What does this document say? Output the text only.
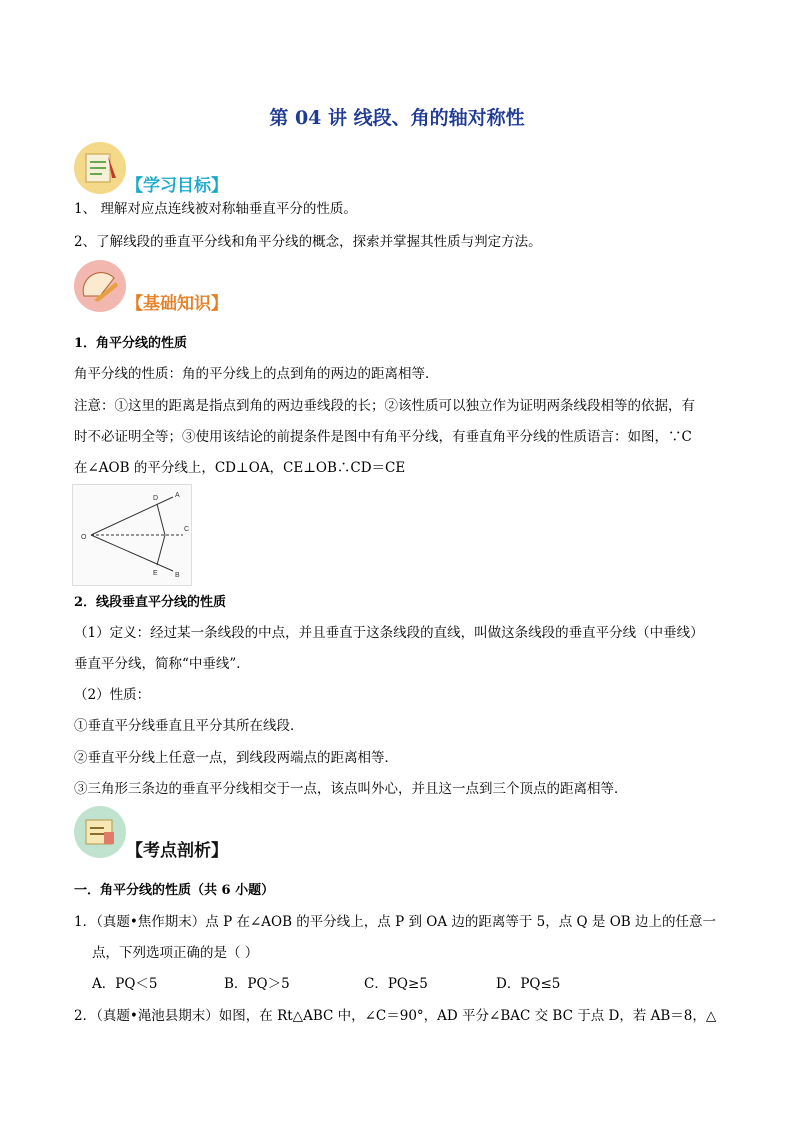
第 04 讲 线段、角的轴对称性
【学习目标】
1、 理解对应点连线被对称轴垂直平分的性质。
2、了解线段的垂直平分线和角平分线的概念，探索并掌握其性质与判定方法。
【基础知识】
1．角平分线的性质
角平分线的性质：角的平分线上的点到角的两边的距离相等．
注意：①这里的距离是指点到角的两边垂线段的长；②该性质可以独立作为证明两条线段相等的依据，有
时不必证明全等；③使用该结论的前提条件是图中有角平分线，有垂直角平分线的性质语言：如图，∵C
在∠AOB 的平分线上，CD⊥OA，CE⊥OB∴CD＝CE
O
A
B
C
D
E
2．线段垂直平分线的性质
（1）定义：经过某一条线段的中点，并且垂直于这条线段的直线，叫做这条线段的垂直平分线（中垂线）
垂直平分线，简称“中垂线”．
（2）性质：
①垂直平分线垂直且平分其所在线段．
②垂直平分线上任意一点，到线段两端点的距离相等．
③三角形三条边的垂直平分线相交于一点，该点叫外心，并且这一点到三个顶点的距离相等．
【考点剖析】
一．角平分线的性质（共 6 小题）
1．（真题•焦作期末）点 P 在∠AOB 的平分线上，点 P 到 OA 边的距离等于 5，点 Q 是 OB 边上的任意一
点，下列选项正确的是（ ）
A．PQ＜5	B．PQ＞5	C．PQ≥5	D．PQ≤5
2．（真题•渑池县期末）如图，在 Rt△ABC 中，∠C＝90°，AD 平分∠BAC 交 BC 于点 D，若 AB＝8，△
